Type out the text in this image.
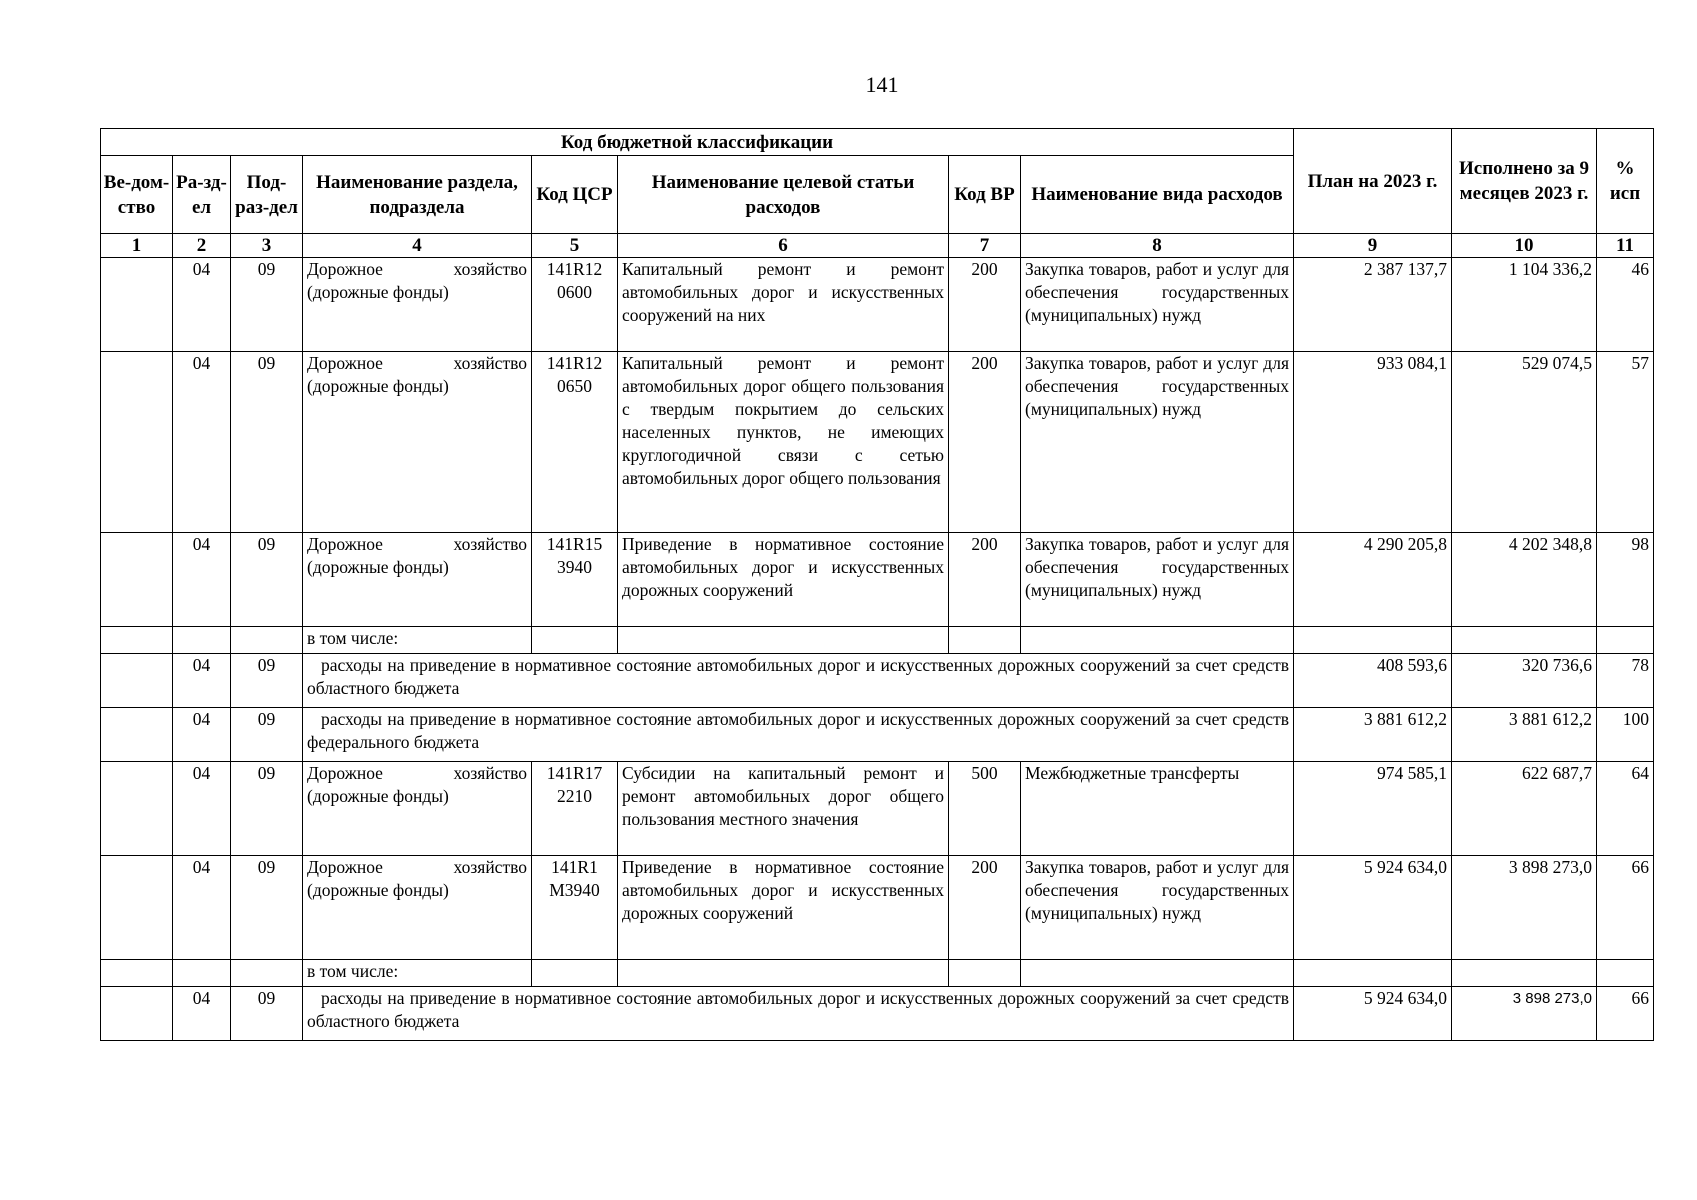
141
Код бюджетной классификации								План на 2023 г.	Исполнено за 9 месяцев 2023 г.	% исп
Ве-дом-ство	Ра-зд-ел	Под-раз-дел	Наименование раздела, подраздела	Код ЦСР	Наименование целевой статьи расходов	Код ВР	Наименование вида расходов			
1	2	3	4	5	6	7	8	9	10	11
	04	09	Дорожное хозяйство (дорожные фонды)	141R12 0600	Капитальный ремонт и ремонт автомобильных дорог и искусственных сооружений на них	200	Закупка товаров, работ и услуг для обеспечения государственных (муниципальных) нужд	2 387 137,7	1 104 336,2	46
	04	09	Дорожное хозяйство (дорожные фонды)	141R12 0650	Капитальный ремонт и ремонт автомобильных дорог общего пользования с твердым покрытием до сельских населенных пунктов, не имеющих круглогодичной связи с сетью автомобильных дорог общего пользования	200	Закупка товаров, работ и услуг для обеспечения государственных (муниципальных) нужд	933 084,1	529 074,5	57
	04	09	Дорожное хозяйство (дорожные фонды)	141R15 3940	Приведение в нормативное состояние автомобильных дорог и искусственных дорожных сооружений	200	Закупка товаров, работ и услуг для обеспечения государственных (муниципальных) нужд	4 290 205,8	4 202 348,8	98
			в том числе:							
	04	09	расходы на приведение в нормативное состояние автомобильных дорог и искусственных дорожных сооружений за счет средств областного бюджета					408 593,6	320 736,6	78
	04	09	расходы на приведение в нормативное состояние автомобильных дорог и искусственных дорожных сооружений за счет средств федерального бюджета					3 881 612,2	3 881 612,2	100
	04	09	Дорожное хозяйство (дорожные фонды)	141R17 2210	Субсидии на капитальный ремонт и ремонт автомобильных дорог общего пользования местного значения	500	Межбюджетные трансферты	974 585,1	622 687,7	64
	04	09	Дорожное хозяйство (дорожные фонды)	141R1 М3940	Приведение в нормативное состояние автомобильных дорог и искусственных дорожных сооружений	200	Закупка товаров, работ и услуг для обеспечения государственных (муниципальных) нужд	5 924 634,0	3 898 273,0	66
			в том числе:							
	04	09	расходы на приведение в нормативное состояние автомобильных дорог и искусственных дорожных сооружений за счет средств областного бюджета					5 924 634,0	3 898 273,0	66
